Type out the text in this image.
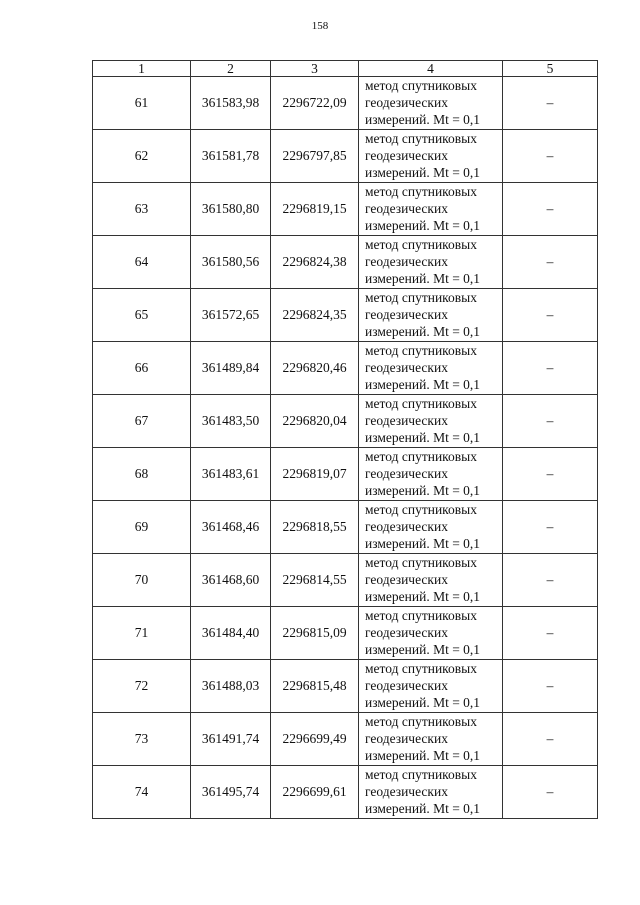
158
1	2	3	4	5
61	361583,98	2296722,09	метод спутниковых
геодезических
измерений. Mt = 0,1	–
62	361581,78	2296797,85	метод спутниковых
геодезических
измерений. Mt = 0,1	–
63	361580,80	2296819,15	метод спутниковых
геодезических
измерений. Mt = 0,1	–
64	361580,56	2296824,38	метод спутниковых
геодезических
измерений. Mt = 0,1	–
65	361572,65	2296824,35	метод спутниковых
геодезических
измерений. Mt = 0,1	–
66	361489,84	2296820,46	метод спутниковых
геодезических
измерений. Mt = 0,1	–
67	361483,50	2296820,04	метод спутниковых
геодезических
измерений. Mt = 0,1	–
68	361483,61	2296819,07	метод спутниковых
геодезических
измерений. Mt = 0,1	–
69	361468,46	2296818,55	метод спутниковых
геодезических
измерений. Mt = 0,1	–
70	361468,60	2296814,55	метод спутниковых
геодезических
измерений. Mt = 0,1	–
71	361484,40	2296815,09	метод спутниковых
геодезических
измерений. Mt = 0,1	–
72	361488,03	2296815,48	метод спутниковых
геодезических
измерений. Mt = 0,1	–
73	361491,74	2296699,49	метод спутниковых
геодезических
измерений. Mt = 0,1	–
74	361495,74	2296699,61	метод спутниковых
геодезических
измерений. Mt = 0,1	–
